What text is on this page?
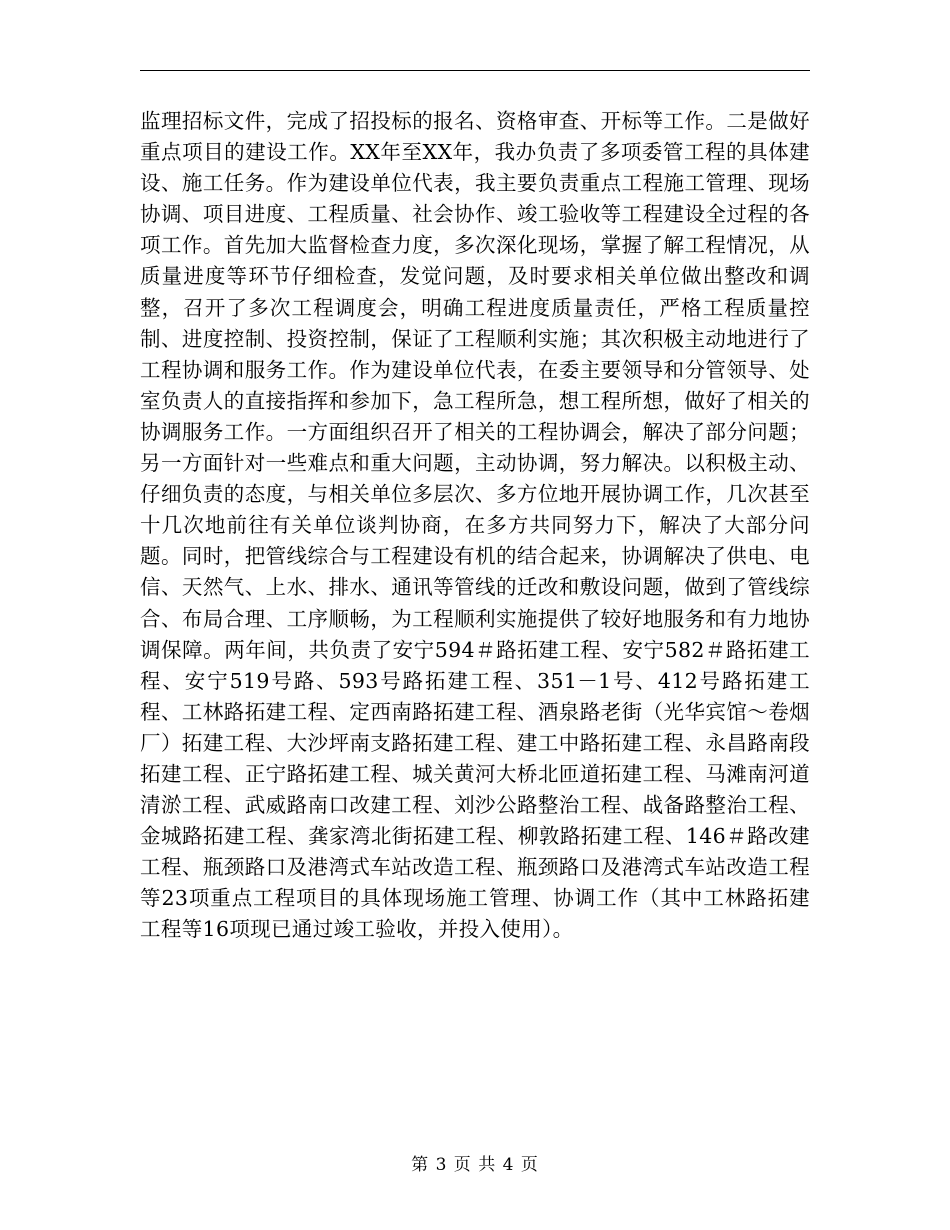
监理招标文件，完成了招投标的报名、资格审查、开标等工作。二是做好重点项目的建设工作。XX年至XX年，我办负责了多项委管工程的具体建设、施工任务。作为建设单位代表，我主要负责重点工程施工管理、现场协调、项目进度、工程质量、社会协作、竣工验收等工程建设全过程的各项工作。首先加大监督检查力度，多次深化现场，掌握了解工程情况，从质量进度等环节仔细检查，发觉问题，及时要求相关单位做出整改和调整，召开了多次工程调度会，明确工程进度质量责任，严格工程质量控制、进度控制、投资控制，保证了工程顺利实施；其次积极主动地进行了工程协调和服务工作。作为建设单位代表，在委主要领导和分管领导、处室负责人的直接指挥和参加下，急工程所急，想工程所想，做好了相关的协调服务工作。一方面组织召开了相关的工程协调会，解决了部分问题；另一方面针对一些难点和重大问题，主动协调，努力解决。以积极主动、仔细负责的态度，与相关单位多层次、多方位地开展协调工作，几次甚至十几次地前往有关单位谈判协商，在多方共同努力下，解决了大部分问题。同时，把管线综合与工程建设有机的结合起来，协调解决了供电、电信、天然气、上水、排水、通讯等管线的迁改和敷设问题，做到了管线综合、布局合理、工序顺畅，为工程顺利实施提供了较好地服务和有力地协调保障。两年间，共负责了安宁594＃路拓建工程、安宁582＃路拓建工程、安宁519号路、593号路拓建工程、351－1号、412号路拓建工程、工林路拓建工程、定西南路拓建工程、酒泉路老街（光华宾馆～卷烟厂）拓建工程、大沙坪南支路拓建工程、建工中路拓建工程、永昌路南段拓建工程、正宁路拓建工程、城关黄河大桥北匝道拓建工程、马滩南河道清淤工程、武威路南口改建工程、刘沙公路整治工程、战备路整治工程、金城路拓建工程、龚家湾北街拓建工程、柳敦路拓建工程、146＃路改建工程、瓶颈路口及港湾式车站改造工程、瓶颈路口及港湾式车站改造工程等23项重点工程项目的具体现场施工管理、协调工作（其中工林路拓建工程等16项现已通过竣工验收，并投入使用）。

第 3 页 共 4 页
